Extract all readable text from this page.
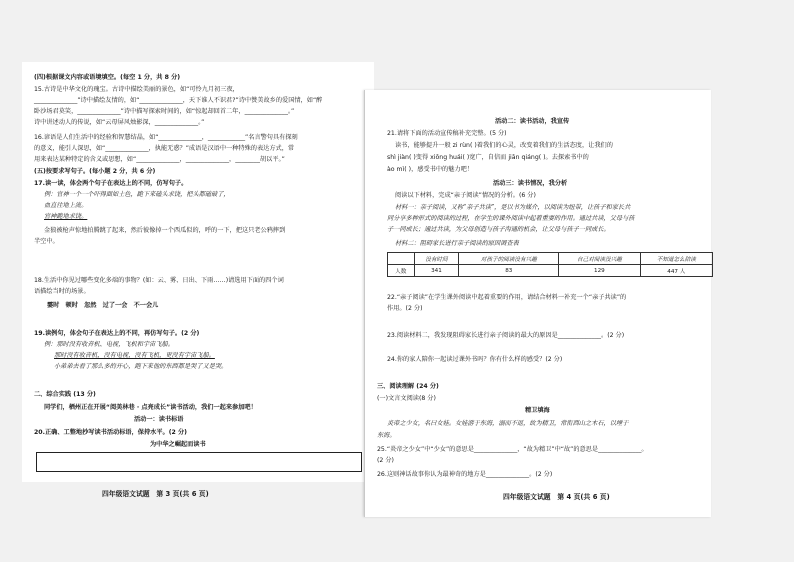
(四)根据课文内容或语境填空。(每空 1 分，共 8 分)
15.古诗是中华文化的瑰宝。古诗中描绘美丽的景色，如“可怜九月初三夜，
______________”诗中描绘友情的，如“______________，天下谁人不识君?”诗中赞美故乡的爱国情，如“醉
卧沙场君莫笑，______________”诗中描写探索时间的，如“惊起却回首二年，______________。”
诗中讲述动人的传说，如“云母屏风烛影深，______________。”
16.谚语是人们生活中的经验和智慧结晶，如“______________，____________”名言警句具有探刻
的意义，能引人深思，如“______________，执能无惑？”成语是汉语中一种特殊的表达方式，常
用来表达某种特定的含义或思想，如“______________，______________，________胡以平。”
(五)按要求写句子。(每小题 2 分，共 6 分)
17.读一读，体会两个句子在表达上的不同，仿写句子。
例：官神一个一个吓得面如土色，跪下来磕头求饶，把头都磕破了，
血直往地上流。
官神跪地求饶。
金狼被枪声惊地拍腾跳了起来，然后彼像掉一个西瓜似的，呼的一下，把这只老公鸦摔到
半空中。
18.生活中你见过哪些变化多端的事物？(如：云、雾、日出、下雨……)请选用下面的四个词
语描绘当时的场景。
霎时　顿时　忽然　过了一会　不一会儿
19.读例句，体会句子在表达上的不同，再仿写句子。(2 分)
例：那时没有收音机、电视，飞机和宇宙飞船。
那时没有收音机，没有电视，没有飞机，更没有宇宙飞船。
小弟弟去看了那么多的开心，跑下来他的东西都是哭了又是哭。
二、综合实践 (13 分)
同学们，栖州正在开展“阅美林巷 · 点亮成长”读书活动，我们一起来参加吧！
活动一：读书标语
20.正确、工整地抄写读书活动标语，保持水平。(2 分)
为中华之崛起而读书
四年级语文试题　第 3 页(共 6 页)
活动二：读书活动，我宣传
21.请将下面的活动宣传稿补充完整。(5 分)
读书，能够提升一般 zi rùn( )着我们的心灵，改变着我们的生活态度，让我们的
shì jiàn( )变得 xiōng huái( )宽广，自信而 jiān qiáng( )。去探索书中的
ào mì( )，感受书中的魅力吧！
活动三：读书情况，我分析
阅读以下材料，完成“亲子阅读”情况的分析。(6 分)
材料一：亲子阅读，又称“亲子共读”，是以书为媒介，以阅读为纽带，让孩子和家长共
同分享多种形式的阅读的过程，在学生的课外阅读中起着重要的作用。通过共读，父母与孩
子一同成长；通过共读，为父母创造与孩子沟通的机会，让父母与孩子一同成长。
材料二：阻碍家长进行亲子阅读的原因调查表
	没有时间	对孩子的阅读没有兴趣	自己对阅读没兴趣	不知道怎么陪读
人数	341	83	129	447 人
22.“亲子阅读”在学生课外阅读中起着重要的作用，请结合材料一补充一个“亲子共读”的
作用。(2 分)
23.阅读材料二，我发现阻碍家长进行亲子阅读的最大的原因是______________。(2 分)
24.你的家人陪你一起读过课外书吗？你有什么样的感受？(2 分)
三、阅读理解 (24 分)
(一)文言文阅读(8 分)
精卫填海
炎帝之少女，名曰女娃。女娃游于东海，溺而不返，故为精卫，常衔西山之木石，以堙于
东海。
25.“炎帝之少女”中“少女”的意思是______________，“故为精卫”中“故”的意思是______________。
(2 分)
26.这则神话故事你认为最神奇的地方是______________。(2 分)
四年级语文试题　第 4 页(共 6 页)
